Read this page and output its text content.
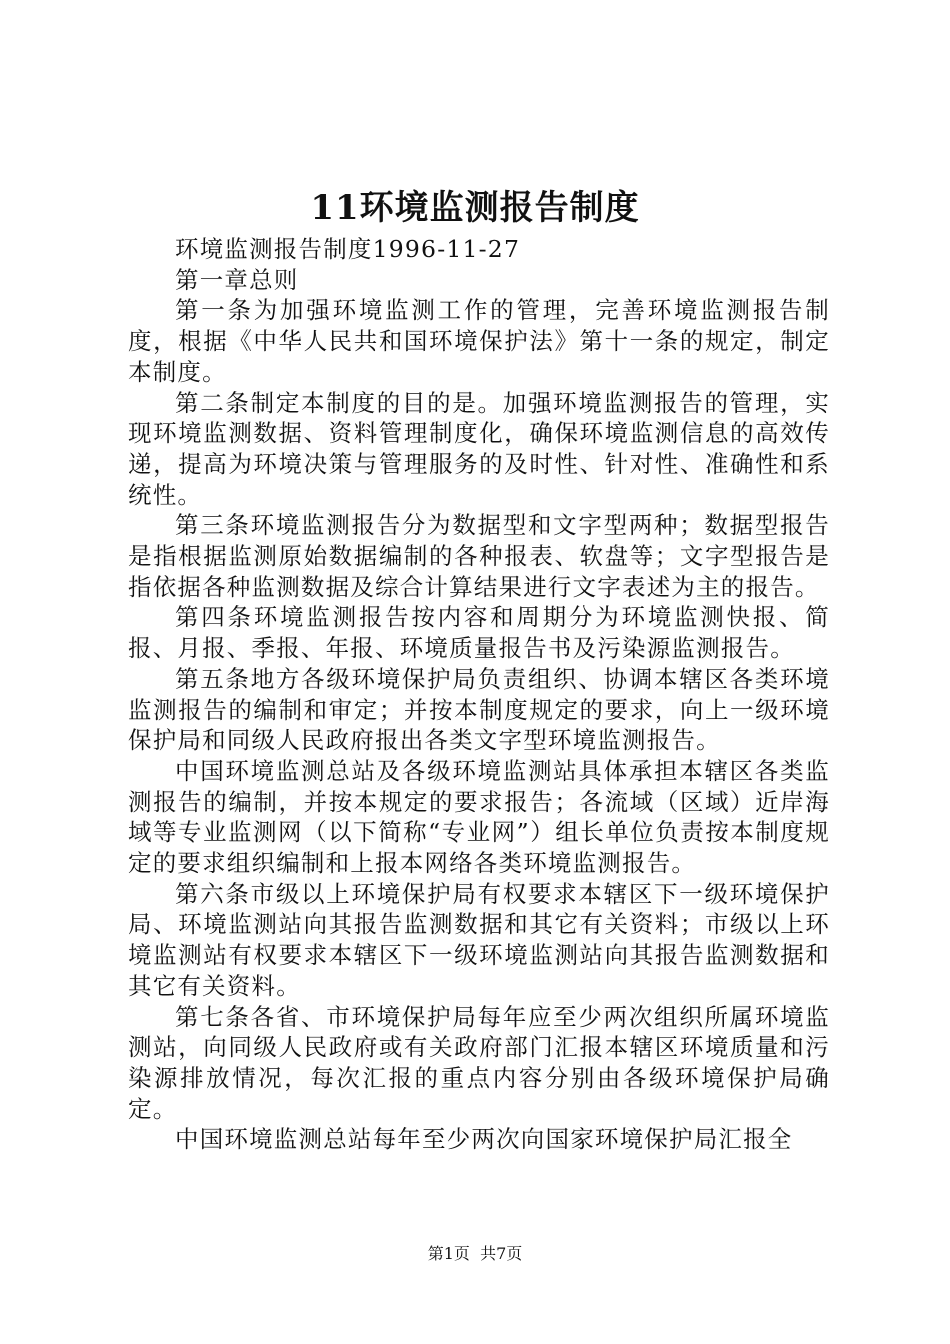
11环境监测报告制度

环境监测报告制度1996-11-27

第一章总则

第一条为加强环境监测工作的管理，完善环境监测报告制度，根据《中华人民共和国环境保护法》第十一条的规定，制定本制度。

第二条制定本制度的目的是。加强环境监测报告的管理，实现环境监测数据、资料管理制度化，确保环境监测信息的高效传递，提高为环境决策与管理服务的及时性、针对性、准确性和系统性。

第三条环境监测报告分为数据型和文字型两种；数据型报告是指根据监测原始数据编制的各种报表、软盘等；文字型报告是指依据各种监测数据及综合计算结果进行文字表述为主的报告。

第四条环境监测报告按内容和周期分为环境监测快报、简报、月报、季报、年报、环境质量报告书及污染源监测报告。

第五条地方各级环境保护局负责组织、协调本辖区各类环境监测报告的编制和审定；并按本制度规定的要求，向上一级环境保护局和同级人民政府报出各类文字型环境监测报告。

中国环境监测总站及各级环境监测站具体承担本辖区各类监测报告的编制，并按本规定的要求报告；各流域（区域）近岸海域等专业监测网（以下简称“专业网”）组长单位负责按本制度规定的要求组织编制和上报本网络各类环境监测报告。

第六条市级以上环境保护局有权要求本辖区下一级环境保护局、环境监测站向其报告监测数据和其它有关资料；市级以上环境监测站有权要求本辖区下一级环境监测站向其报告监测数据和其它有关资料。

第七条各省、市环境保护局每年应至少两次组织所属环境监测站，向同级人民政府或有关政府部门汇报本辖区环境质量和污染源排放情况，每次汇报的重点内容分别由各级环境保护局确定。

中国环境监测总站每年至少两次向国家环境保护局汇报全

第1页  共7页
